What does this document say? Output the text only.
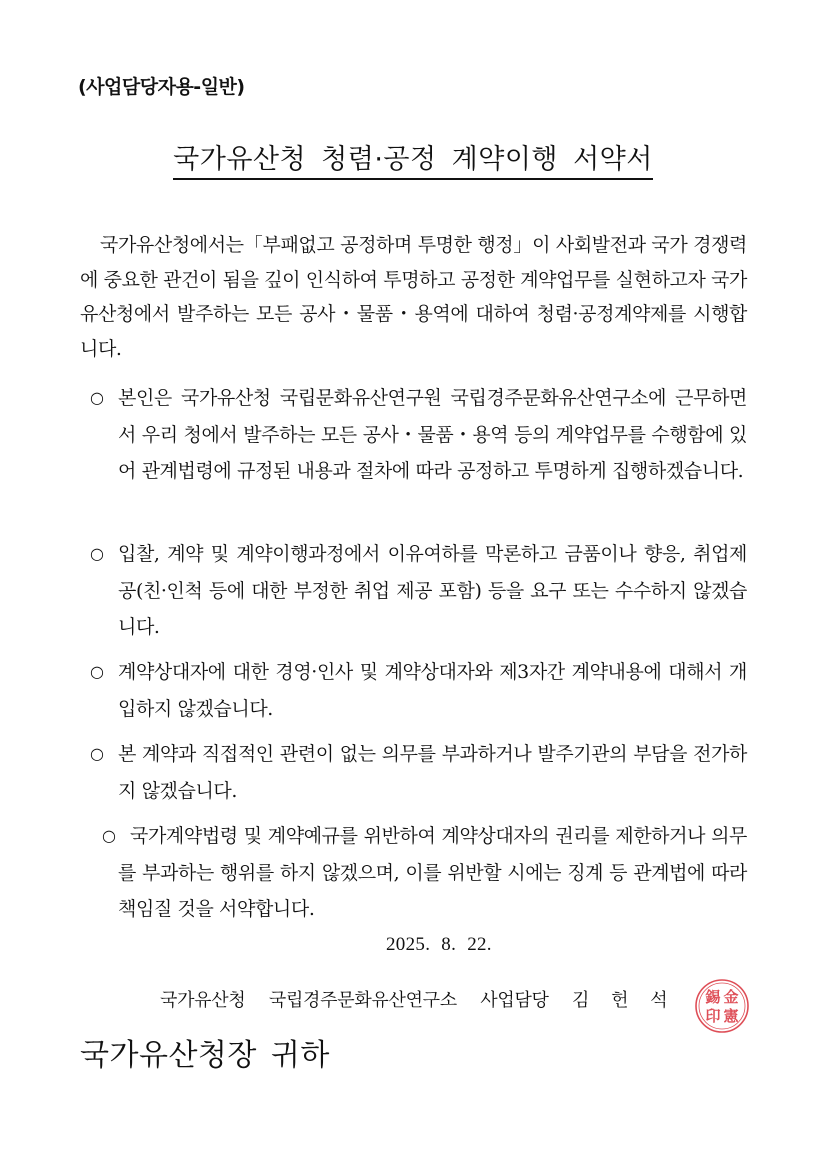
(사업담당자용-일반)
국가유산청 청렴·공정 계약이행 서약서
국가유산청에서는「부패없고 공정하며 투명한 행정」이 사회발전과 국가 경쟁력에 중요한 관건이 됨을 깊이 인식하여 투명하고 공정한 계약업무를 실현하고자 국가유산청에서 발주하는 모든 공사・물품・용역에 대하여 청렴·공정계약제를 시행합니다.
○ 본인은 국가유산청 국립문화유산연구원 국립경주문화유산연구소에 근무하면서 우리 청에서 발주하는 모든 공사・물품・용역 등의 계약업무를 수행함에 있어 관계법령에 규정된 내용과 절차에 따라 공정하고 투명하게 집행하겠습니다.
○ 입찰, 계약 및 계약이행과정에서 이유여하를 막론하고 금품이나 향응, 취업제공(친·인척 등에 대한 부정한 취업 제공 포함) 등을 요구 또는 수수하지 않겠습니다.
○ 계약상대자에 대한 경영·인사 및 계약상대자와 제3자간 계약내용에 대해서 개입하지 않겠습니다.
○ 본 계약과 직접적인 관련이 없는 의무를 부과하거나 발주기관의 부담을 전가하지 않겠습니다.
○ 국가계약법령 및 계약예규를 위반하여 계약상대자의 권리를 제한하거나 의무를 부과하는 행위를 하지 않겠으며, 이를 위반할 시에는 징계 등 관계법에 따라 책임질 것을 서약합니다.
2025. 8. 22.
국가유산청 국립경주문화유산연구소 사업담당 김 헌 석	金
憲
錫
印
국가유산청장 귀하
